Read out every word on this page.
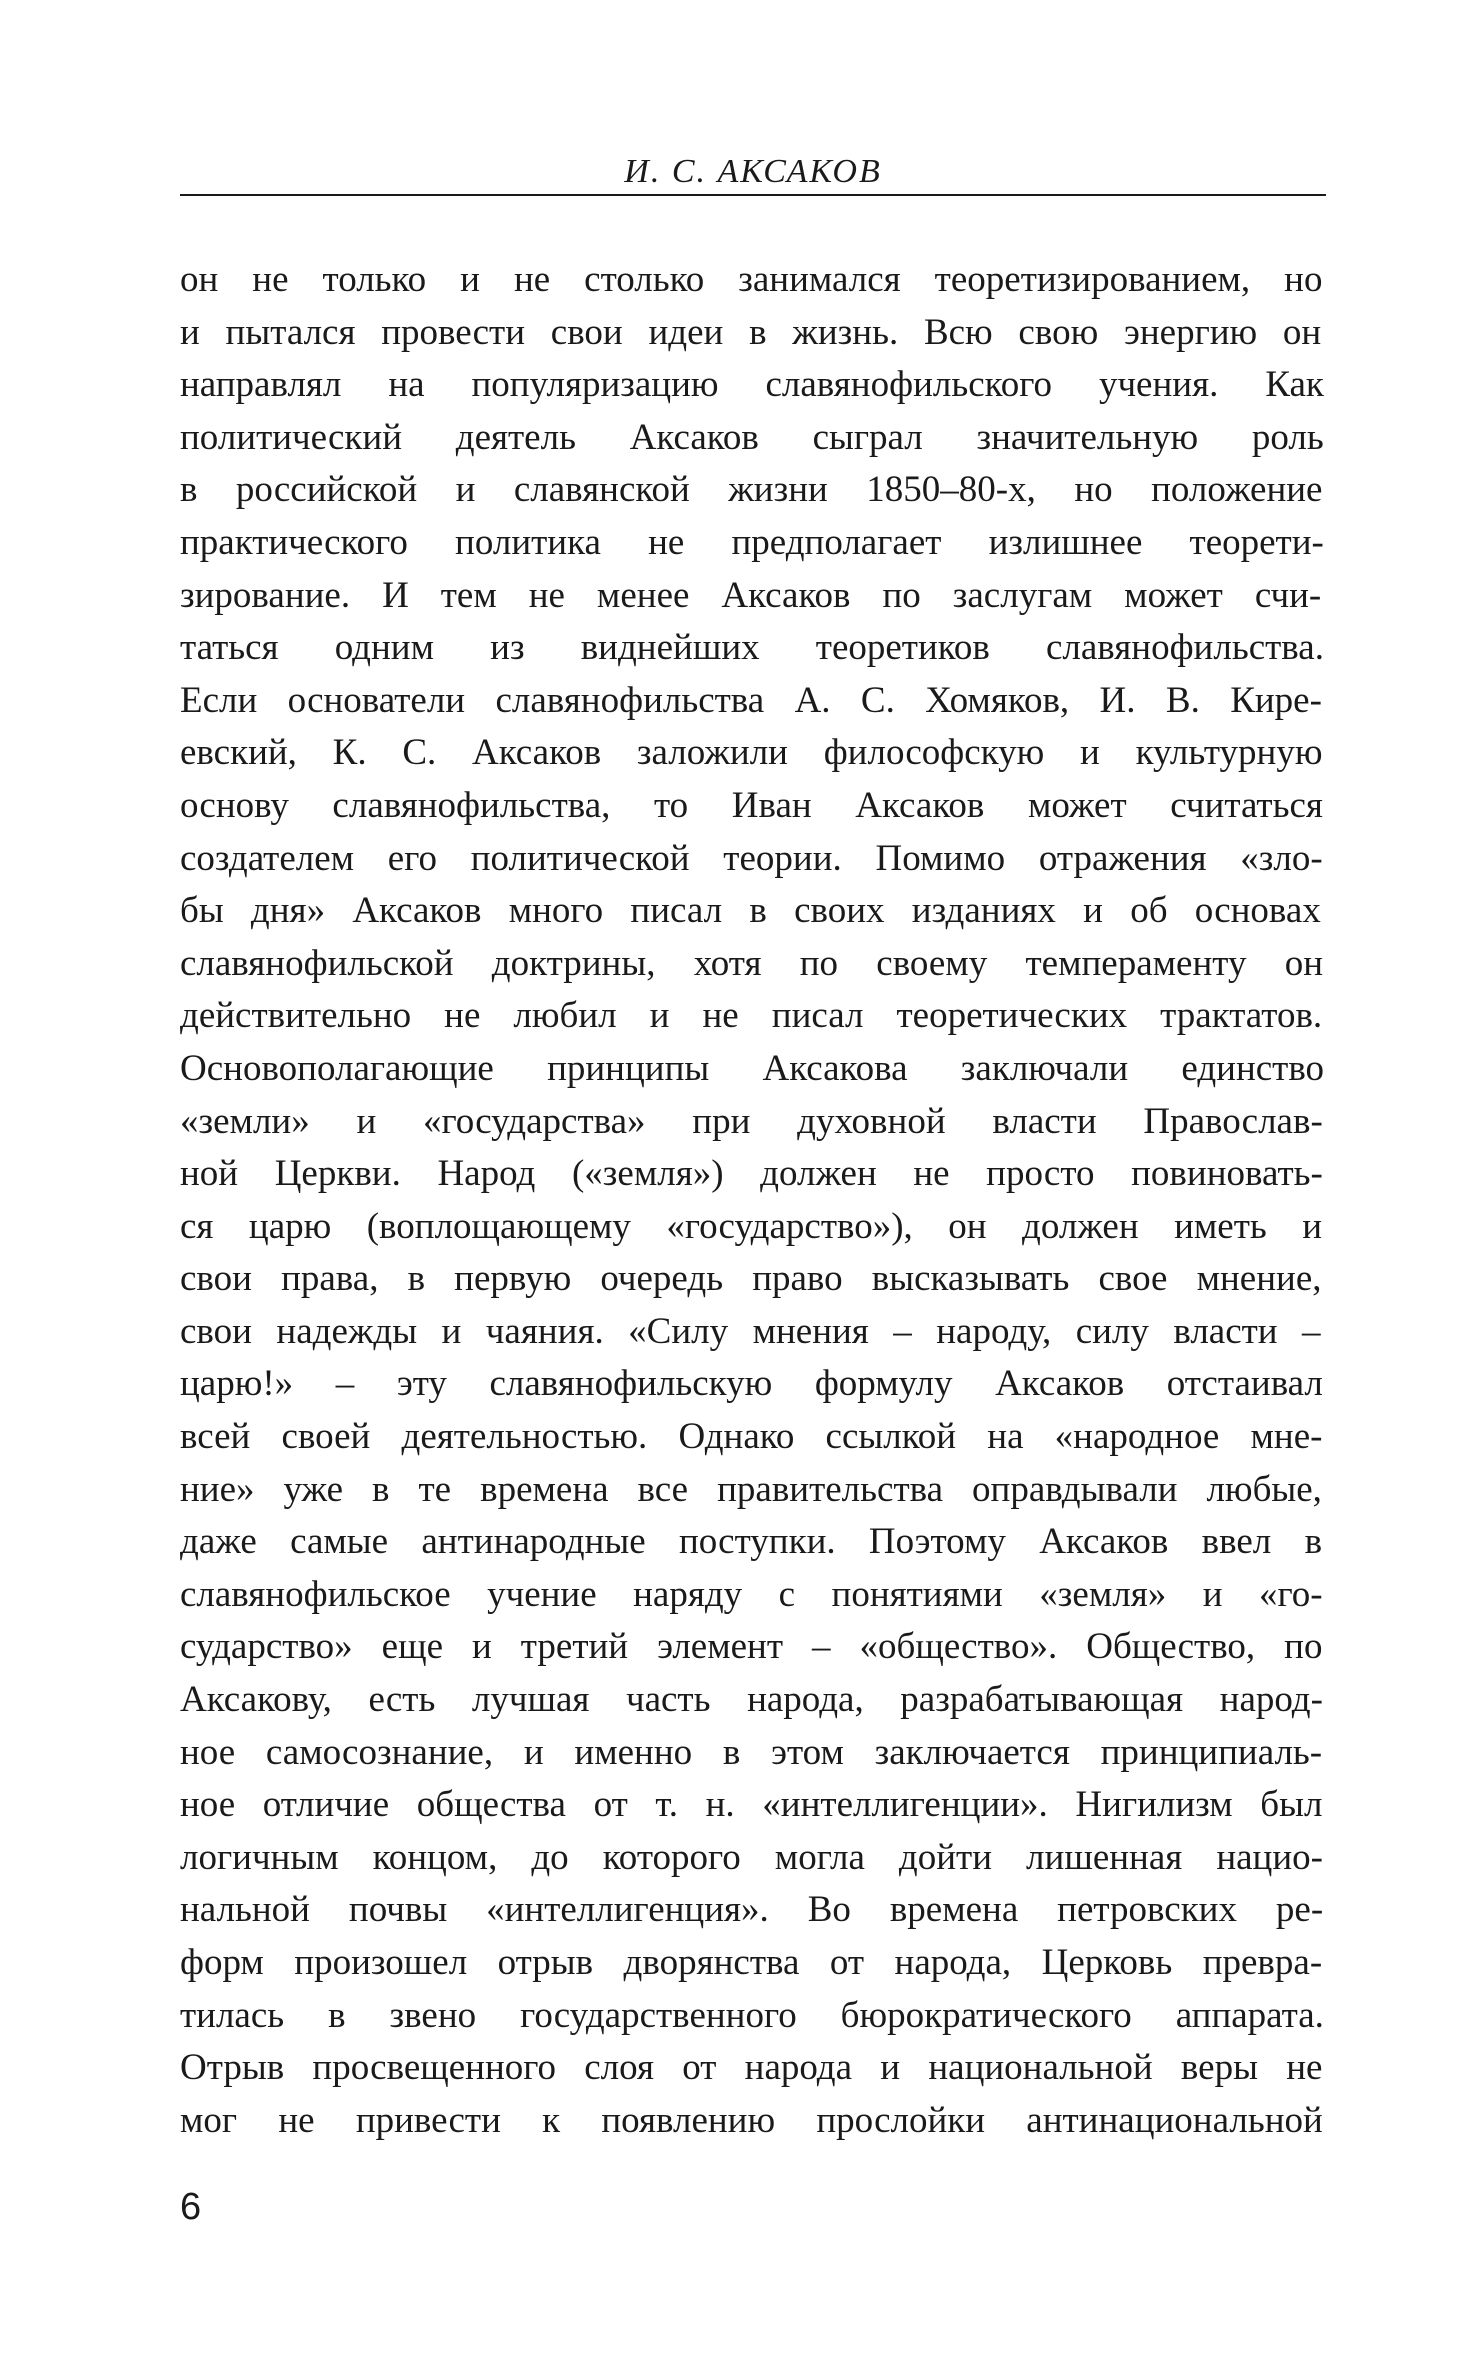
И. С. АКСАКОВ
он не только и не столько занимался теоретизированием, но
и пытался провести свои идеи в жизнь. Всю свою энергию он
направлял на популяризацию славянофильского учения. Как
политический деятель Аксаков сыграл значительную роль
в российской и славянской жизни 1850–80-х, но положение
практического политика не предполагает излишнее теорети-
зирование. И тем не менее Аксаков по заслугам может счи-
таться одним из виднейших теоретиков славянофильства.
Если основатели славянофильства А. С. Хомяков, И. В. Кире-
евский, К. С. Аксаков заложили философскую и культурную
основу славянофильства, то Иван Аксаков может считаться
создателем его политической теории. Помимо отражения «зло-
бы дня» Аксаков много писал в своих изданиях и об основах
славянофильской доктрины, хотя по своему темпераменту он
действительно не любил и не писал теоретических трактатов.
Основополагающие принципы Аксакова заключали единство
«земли» и «государства» при духовной власти Православ-
ной Церкви. Народ («земля») должен не просто повиновать-
ся царю (воплощающему «государство»), он должен иметь и
свои права, в первую очередь право высказывать свое мнение,
свои надежды и чаяния. «Силу мнения – народу, силу власти –
царю!» – эту славянофильскую формулу Аксаков отстаивал
всей своей деятельностью. Однако ссылкой на «народное мне-
ние» уже в те времена все правительства оправдывали любые,
даже самые антинародные поступки. Поэтому Аксаков ввел в
славянофильское учение наряду с понятиями «земля» и «го-
сударство» еще и третий элемент – «общество». Общество, по
Аксакову, есть лучшая часть народа, разрабатывающая народ-
ное самосознание, и именно в этом заключается принципиаль-
ное отличие общества от т. н. «интеллигенции». Нигилизм был
логичным концом, до которого могла дойти лишенная нацио-
нальной почвы «интеллигенция». Во времена петровских ре-
форм произошел отрыв дворянства от народа, Церковь превра-
тилась в звено государственного бюрократического аппарата.
Отрыв просвещенного слоя от народа и национальной веры не
мог не привести к появлению прослойки антинациональной
6
